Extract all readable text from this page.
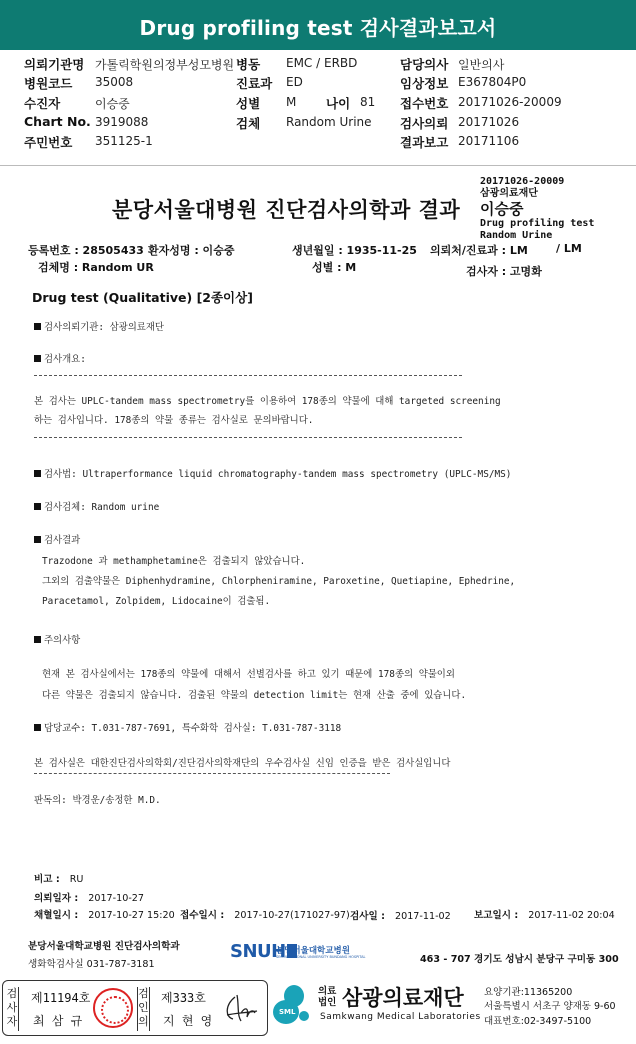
Drug profiling test 검사결과보고서
의뢰기관명 가톨릭학원의정부성모병원 병동 EMC / ERBD	담당의사 일반의사
병원코드 35008	진료과 ED	임상정보 E367804P0
수진자	이승중	성별 M 나이 81 접수번호 20171026-20009
Chart No. 3919088	검체 Random Urine 검사의뢰 20171026
주민번호 351125-1	결과보고 20171106
분당서울대병원 진단검사의학과 결과
20171026-20009
삼광의료재단
이승중
Drug profiling test
Random Urine
등록번호 : 28505433 환자성명 : 이승중	생년월일 : 1935-11-25 의뢰처/진료과 : LM	/ LM
검체명 : Random UR	성별 : M	검사자 : 고명화
Drug test (Qualitative) [2종이상]
검사의뢰기관: 삼광의료재단
검사개요:
본 검사는 UPLC-tandem mass spectrometry를 이용하여 178종의 약물에 대해 targeted screening
하는 검사입니다. 178종의 약물 종류는 검사실로 문의바랍니다.
검사법: Ultraperformance liquid chromatography-tandem mass spectrometry (UPLC-MS/MS)
검사검체: Random urine
검사결과
Trazodone 과 methamphetamine은 검출되지 않았습니다.
그외의 검출약물은 Diphenhydramine, Chlorpheniramine, Paroxetine, Quetiapine, Ephedrine,
Paracetamol, Zolpidem, Lidocaine이 검출됨.
주의사항
현재 본 검사실에서는 178종의 약물에 대해서 선별검사를 하고 있기 때문에 178종의 약물이외
다른 약물은 검출되지 않습니다. 검출된 약물의 detection limit는 현재 산출 중에 있습니다.
담당교수: T.031-787-7691, 특수화학 검사실: T.031-787-3118
본 검사실은 대한진단검사의학회/진단검사의학재단의 우수검사실 신임 인증을 받은 검사실입니다
판독의: 박경운/송정한 M.D.
비고 : RU
의뢰일자 : 2017-10-27
채혈일시 : 2017-10-27 15:20 접수일시 : 2017-10-27(171027-97) 검사일 : 2017-11-02 보고일시 : 2017-11-02 20:04
분당서울대학교병원 진단검사의학과
생화학검사실 031-787-3181
SNUH
분당서울대학교병원
SEOUL NATIONAL UNIVERSITY BUNDANG HOSPITAL	463 - 707 경기도 성남시 분당구 구미동 300
검사자
제11194호
최 삼 규
검인의
제333호
지 현 영
SML
의료법인 삼광의료재단
Samkwang Medical Laboratories
요양기관:11365200
서울특별시 서초구 양재동 9-60
대표번호:02-3497-5100
